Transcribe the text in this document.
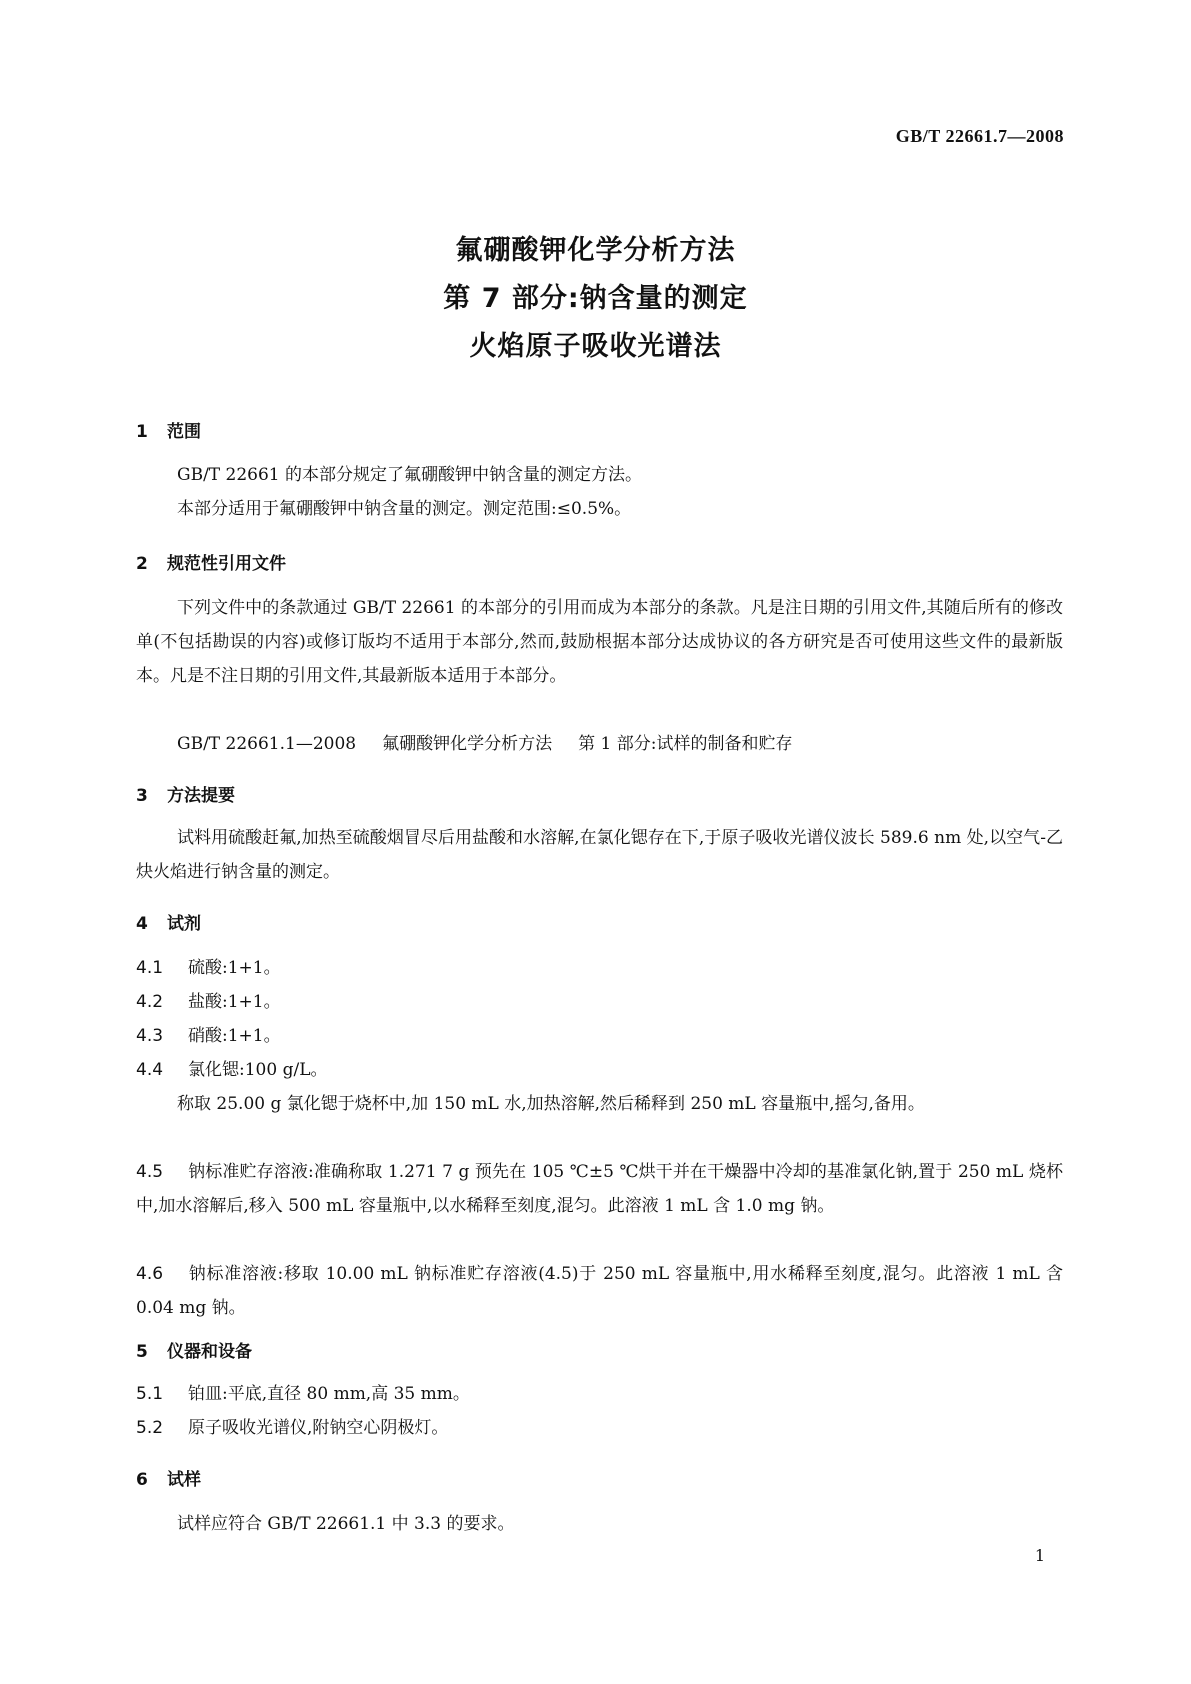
GB/T 22661.7—2008
氟硼酸钾化学分析方法
第 7 部分:钠含量的测定
火焰原子吸收光谱法
1 范围
GB/T 22661 的本部分规定了氟硼酸钾中钠含量的测定方法。
本部分适用于氟硼酸钾中钠含量的测定。测定范围:≤0.5%。
2 规范性引用文件
下列文件中的条款通过 GB/T 22661 的本部分的引用而成为本部分的条款。凡是注日期的引用文件,其随后所有的修改单(不包括勘误的内容)或修订版均不适用于本部分,然而,鼓励根据本部分达成协议的各方研究是否可使用这些文件的最新版本。凡是不注日期的引用文件,其最新版本适用于本部分。
GB/T 22661.1—2008 氟硼酸钾化学分析方法 第 1 部分:试样的制备和贮存
3 方法提要
试料用硫酸赶氟,加热至硫酸烟冒尽后用盐酸和水溶解,在氯化锶存在下,于原子吸收光谱仪波长 589.6 nm 处,以空气-乙炔火焰进行钠含量的测定。
4 试剂
4.1 硫酸:1+1。
4.2 盐酸:1+1。
4.3 硝酸:1+1。
4.4 氯化锶:100 g/L。
称取 25.00 g 氯化锶于烧杯中,加 150 mL 水,加热溶解,然后稀释到 250 mL 容量瓶中,摇匀,备用。
4.5 钠标准贮存溶液:准确称取 1.271 7 g 预先在 105 ℃±5 ℃烘干并在干燥器中冷却的基准氯化钠,置于 250 mL 烧杯中,加水溶解后,移入 500 mL 容量瓶中,以水稀释至刻度,混匀。此溶液 1 mL 含 1.0 mg 钠。
4.6 钠标准溶液:移取 10.00 mL 钠标准贮存溶液(4.5)于 250 mL 容量瓶中,用水稀释至刻度,混匀。此溶液 1 mL 含 0.04 mg 钠。
5 仪器和设备
5.1 铂皿:平底,直径 80 mm,高 35 mm。
5.2 原子吸收光谱仪,附钠空心阴极灯。
6 试样
试样应符合 GB/T 22661.1 中 3.3 的要求。
1
